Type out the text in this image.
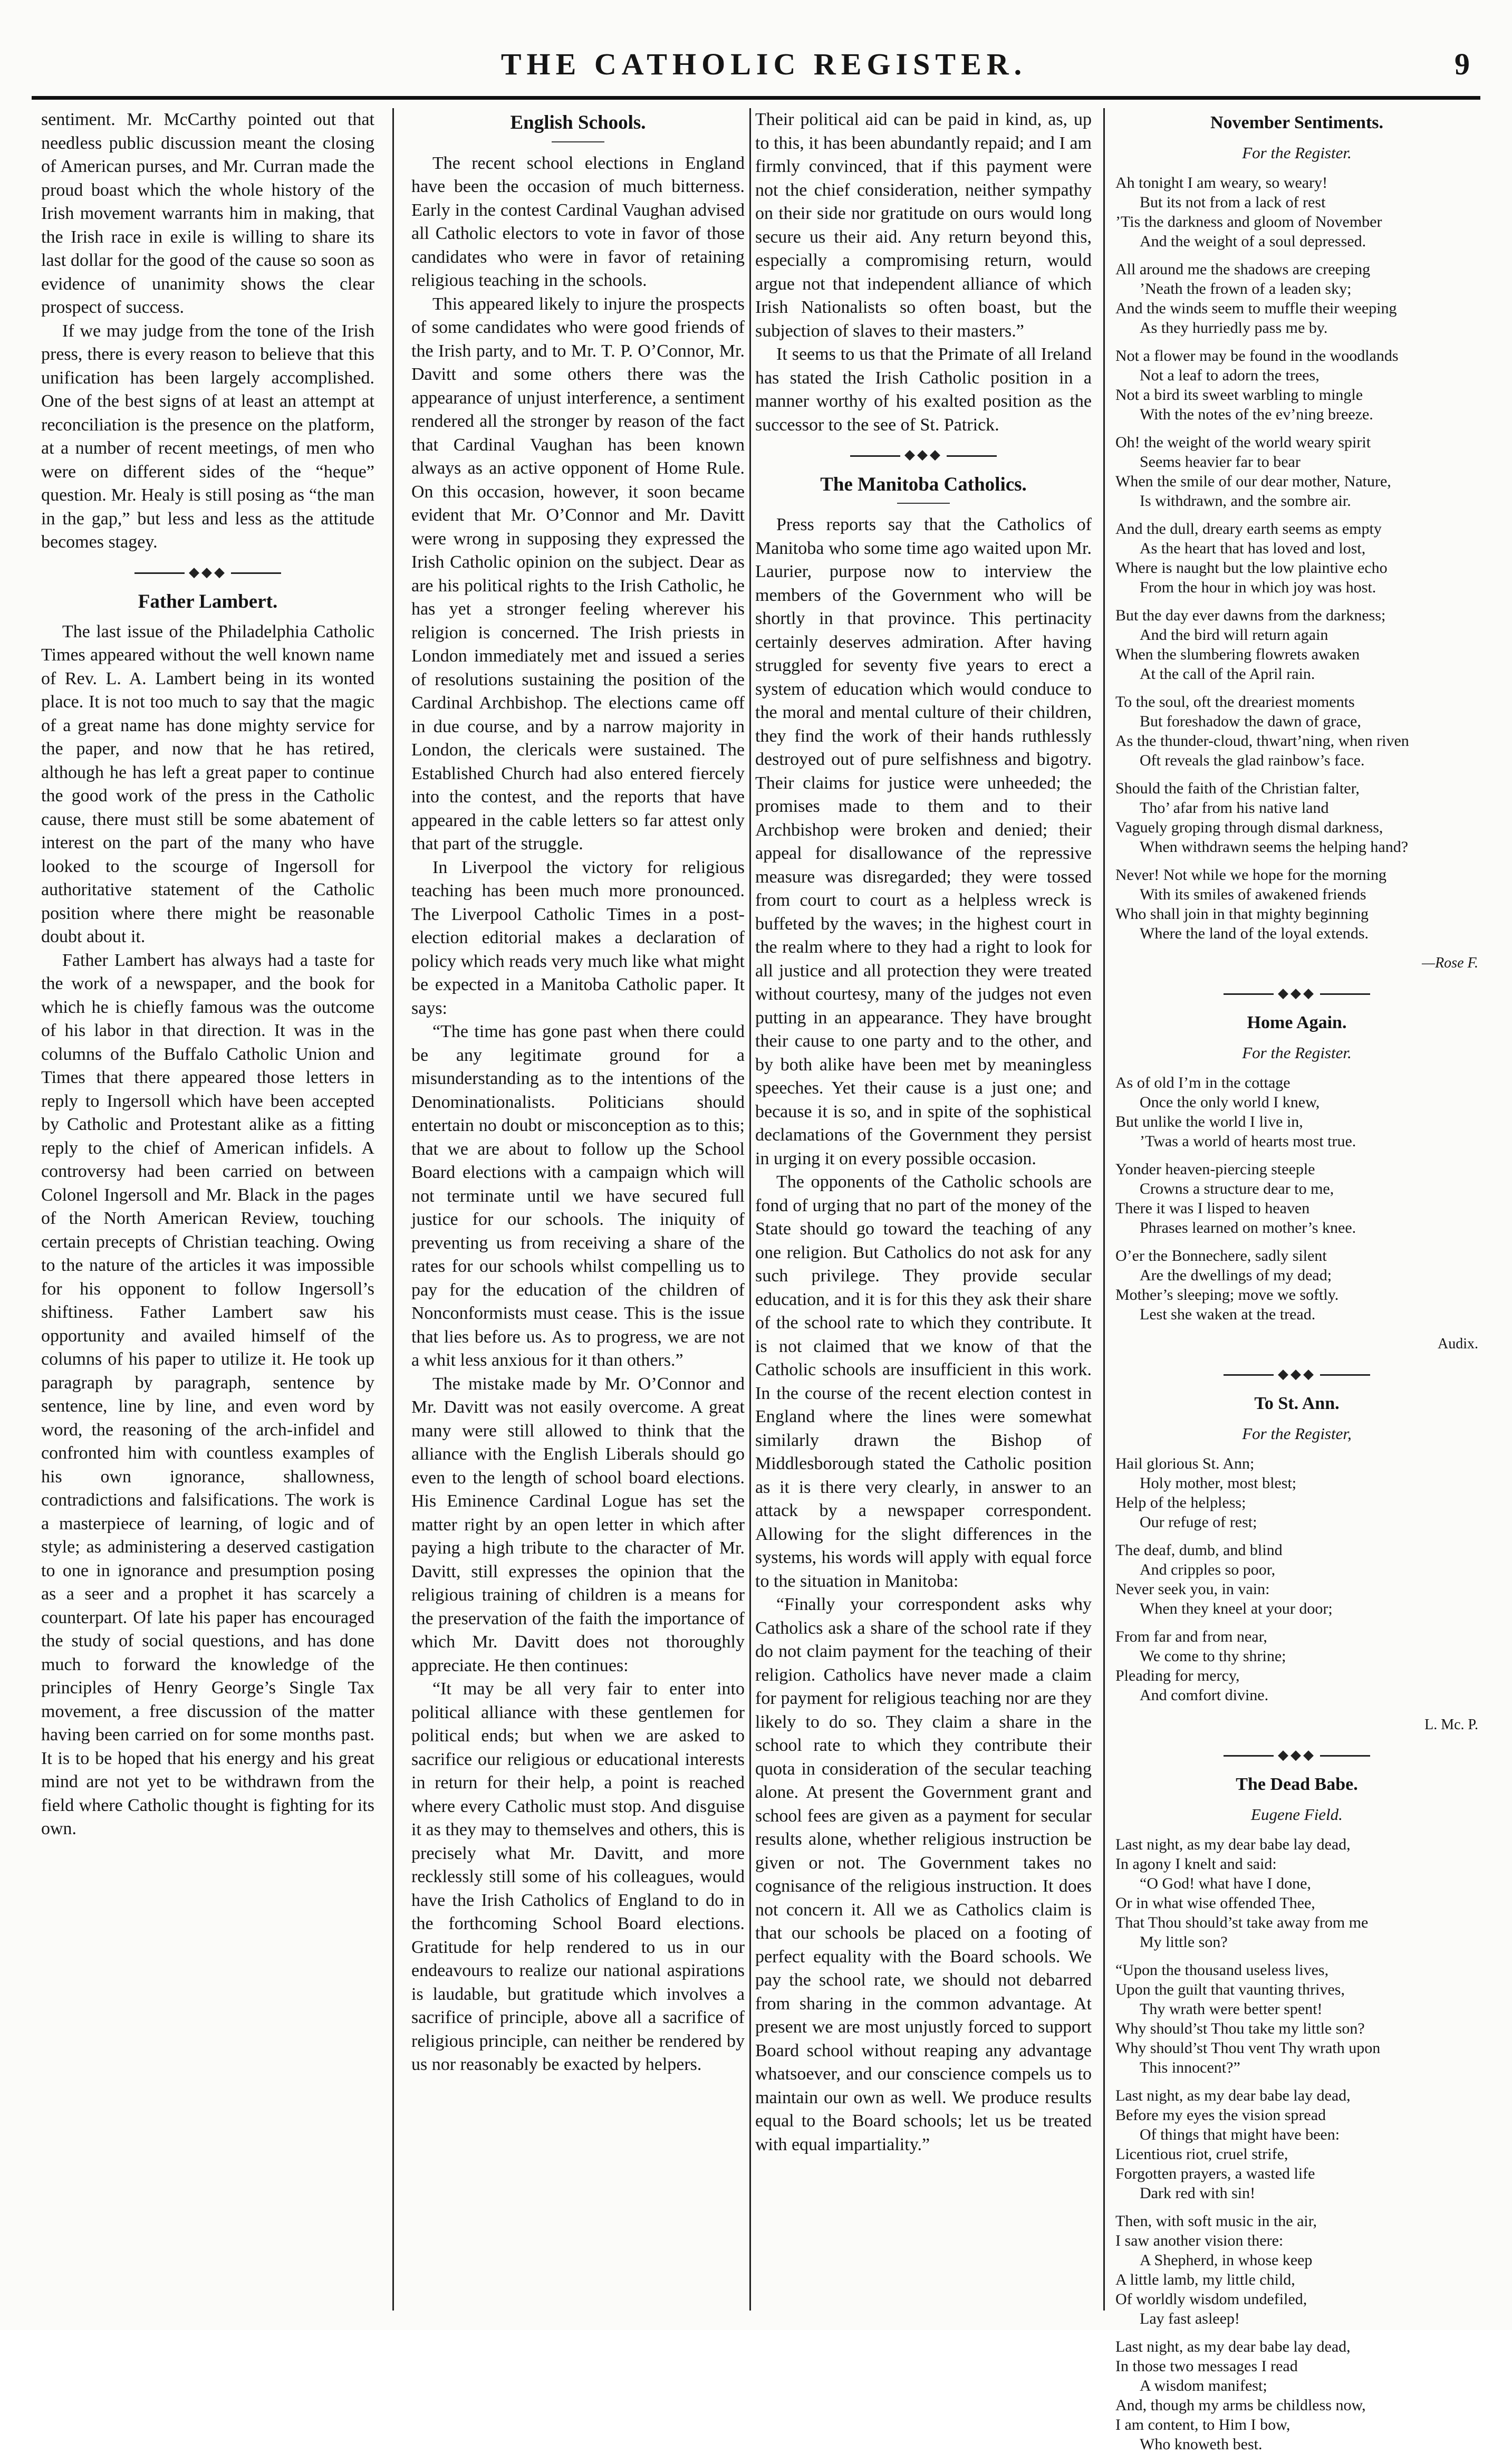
THE CATHOLIC REGISTER.	9

sentiment. Mr. McCarthy pointed out that needless public discussion meant the closing of American purses, and Mr. Curran made the proud boast which the whole history of the Irish movement warrants him in making, that the Irish race in exile is willing to share its last dollar for the good of the cause so soon as evidence of unanimity shows the clear prospect of success.

If we may judge from the tone of the Irish press, there is every reason to believe that this unification has been largely accomplished. One of the best signs of at least an attempt at reconciliation is the presence on the platform, at a number of recent meetings, of men who were on different sides of the “heque” question. Mr. Healy is still posing as “the man in the gap,” but less and less as the attitude becomes stagey.

◆◆◆
Father Lambert.

The last issue of the Philadelphia Catholic Times appeared without the well known name of Rev. L. A. Lambert being in its wonted place. It is not too much to say that the magic of a great name has done mighty service for the paper, and now that he has retired, although he has left a great paper to continue the good work of the press in the Catholic cause, there must still be some abatement of interest on the part of the many who have looked to the scourge of Ingersoll for authoritative statement of the Catholic position where there might be reasonable doubt about it.

Father Lambert has always had a taste for the work of a newspaper, and the book for which he is chiefly famous was the outcome of his labor in that direction. It was in the columns of the Buffalo Catholic Union and Times that there appeared those letters in reply to Ingersoll which have been accepted by Catholic and Protestant alike as a fitting reply to the chief of American infidels. A controversy had been carried on between Colonel Ingersoll and Mr. Black in the pages of the North American Review, touching certain precepts of Christian teaching. Owing to the nature of the articles it was impossible for his opponent to follow Ingersoll’s shiftiness. Father Lambert saw his opportunity and availed himself of the columns of his paper to utilize it. He took up paragraph by paragraph, sentence by sentence, line by line, and even word by word, the reasoning of the arch-infidel and confronted him with countless examples of his own ignorance, shallowness, contradictions and falsifications. The work is a masterpiece of learning, of logic and of style; as administering a deserved castigation to one in ignorance and presumption posing as a seer and a prophet it has scarcely a counterpart. Of late his paper has encouraged the study of social questions, and has done much to forward the knowledge of the principles of Henry George’s Single Tax movement, a free discussion of the matter having been carried on for some months past. It is to be hoped that his energy and his great mind are not yet to be withdrawn from the field where Catholic thought is fighting for its own.

English Schools.

The recent school elections in England have been the occasion of much bitterness. Early in the contest Cardinal Vaughan advised all Catholic electors to vote in favor of those candidates who were in favor of retaining religious teaching in the schools.

This appeared likely to injure the prospects of some candidates who were good friends of the Irish party, and to Mr. T. P. O’Connor, Mr. Davitt and some others there was the appearance of unjust interference, a sentiment rendered all the stronger by reason of the fact that Cardinal Vaughan has been known always as an active opponent of Home Rule. On this occasion, however, it soon became evident that Mr. O’Connor and Mr. Davitt were wrong in supposing they expressed the Irish Catholic opinion on the subject. Dear as are his political rights to the Irish Catholic, he has yet a stronger feeling wherever his religion is concerned. The Irish priests in London immediately met and issued a series of resolutions sustaining the position of the Cardinal Archbishop. The elections came off in due course, and by a narrow majority in London, the clericals were sustained. The Established Church had also entered fiercely into the contest, and the reports that have appeared in the cable letters so far attest only that part of the struggle.

In Liverpool the victory for religious teaching has been much more pronounced. The Liverpool Catholic Times in a post-election editorial makes a declaration of policy which reads very much like what might be expected in a Manitoba Catholic paper. It says:

“The time has gone past when there could be any legitimate ground for a misunderstanding as to the intentions of the Denominationalists. Politicians should entertain no doubt or misconception as to this; that we are about to follow up the School Board elections with a campaign which will not terminate until we have secured full justice for our schools. The iniquity of preventing us from receiving a share of the rates for our schools whilst compelling us to pay for the education of the children of Nonconformists must cease. This is the issue that lies before us. As to progress, we are not a whit less anxious for it than others.”

The mistake made by Mr. O’Connor and Mr. Davitt was not easily overcome. A great many were still allowed to think that the alliance with the English Liberals should go even to the length of school board elections. His Eminence Cardinal Logue has set the matter right by an open letter in which after paying a high tribute to the character of Mr. Davitt, still expresses the opinion that the religious training of children is a means for the preservation of the faith the importance of which Mr. Davitt does not thoroughly appreciate. He then continues:

“It may be all very fair to enter into political alliance with these gentlemen for political ends; but when we are asked to sacrifice our religious or educational interests in return for their help, a point is reached where every Catholic must stop. And disguise it as they may to themselves and others, this is precisely what Mr. Davitt, and more recklessly still some of his colleagues, would have the Irish Catholics of England to do in the forthcoming School Board elections. Gratitude for help rendered to us in our endeavours to realize our national aspirations is laudable, but gratitude which involves a sacrifice of principle, above all a sacrifice of religious principle, can neither be rendered by us nor reasonably be exacted by helpers.

Their political aid can be paid in kind, as, up to this, it has been abundantly repaid; and I am firmly convinced, that if this payment were not the chief consideration, neither sympathy on their side nor gratitude on ours would long secure us their aid. Any return beyond this, especially a compromising return, would argue not that independent alliance of which Irish Nationalists so often boast, but the subjection of slaves to their masters.”

It seems to us that the Primate of all Ireland has stated the Irish Catholic position in a manner worthy of his exalted position as the successor to the see of St. Patrick.

◆◆◆
The Manitoba Catholics.

Press reports say that the Catholics of Manitoba who some time ago waited upon Mr. Laurier, purpose now to interview the members of the Government who will be shortly in that province. This pertinacity certainly deserves admiration. After having struggled for seventy five years to erect a system of education which would conduce to the moral and mental culture of their children, they find the work of their hands ruthlessly destroyed out of pure selfishness and bigotry. Their claims for justice were unheeded; the promises made to them and to their Archbishop were broken and denied; their appeal for disallowance of the repressive measure was disregarded; they were tossed from court to court as a helpless wreck is buffeted by the waves; in the highest court in the realm where to they had a right to look for all justice and all protection they were treated without courtesy, many of the judges not even putting in an appearance. They have brought their cause to one party and to the other, and by both alike have been met by meaningless speeches. Yet their cause is a just one; and because it is so, and in spite of the sophistical declamations of the Government they persist in urging it on every possible occasion.

The opponents of the Catholic schools are fond of urging that no part of the money of the State should go toward the teaching of any one religion. But Catholics do not ask for any such privilege. They provide secular education, and it is for this they ask their share of the school rate to which they contribute. It is not claimed that we know of that the Catholic schools are insufficient in this work. In the course of the recent election contest in England where the lines were somewhat similarly drawn the Bishop of Middlesborough stated the Catholic position as it is there very clearly, in answer to an attack by a newspaper correspondent. Allowing for the slight differences in the systems, his words will apply with equal force to the situation in Manitoba:

“Finally your correspondent asks why Catholics ask a share of the school rate if they do not claim payment for the teaching of their religion. Catholics have never made a claim for payment for religious teaching nor are they likely to do so. They claim a share in the school rate to which they contribute their quota in consideration of the secular teaching alone. At present the Government grant and school fees are given as a payment for secular results alone, whether religious instruction be given or not. The Government takes no cognisance of the religious instruction. It does not concern it. All we as Catholics claim is that our schools be placed on a footing of perfect equality with the Board schools. We pay the school rate, we should not debarred from sharing in the common advantage. At present we are most unjustly forced to support Board school without reaping any advantage whatsoever, and our conscience compels us to maintain our own as well. We produce results equal to the Board schools; let us be treated with equal impartiality.”

November Sentiments.
For the Register.
Ah tonight I am weary, so weary!
But its not from a lack of rest
’Tis the darkness and gloom of November
And the weight of a soul depressed.
All around me the shadows are creeping
’Neath the frown of a leaden sky;
And the winds seem to muffle their weeping
As they hurriedly pass me by.
Not a flower may be found in the woodlands
Not a leaf to adorn the trees,
Not a bird its sweet warbling to mingle
With the notes of the ev’ning breeze.
Oh! the weight of the world weary spirit
Seems heavier far to bear
When the smile of our dear mother, Nature,
Is withdrawn, and the sombre air.
And the dull, dreary earth seems as empty
As the heart that has loved and lost,
Where is naught but the low plaintive echo
From the hour in which joy was host.
But the day ever dawns from the darkness;
And the bird will return again
When the slumbering flowrets awaken
At the call of the April rain.
To the soul, oft the dreariest moments
But foreshadow the dawn of grace,
As the thunder-cloud, thwart’ning, when riven
Oft reveals the glad rainbow’s face.
Should the faith of the Christian falter,
Tho’ afar from his native land
Vaguely groping through dismal darkness,
When withdrawn seems the helping hand?
Never! Not while we hope for the morning
With its smiles of awakened friends
Who shall join in that mighty beginning
Where the land of the loyal extends.
—Rose F.
◆◆◆
Home Again.
For the Register.
As of old I’m in the cottage
Once the only world I knew,
But unlike the world I live in,
’Twas a world of hearts most true.
Yonder heaven-piercing steeple
Crowns a structure dear to me,
There it was I lisped to heaven
Phrases learned on mother’s knee.
O’er the Bonnechere, sadly silent
Are the dwellings of my dead;
Mother’s sleeping; move we softly.
Lest she waken at the tread.
Audix.
◆◆◆
To St. Ann.
For the Register,
Hail glorious St. Ann;
Holy mother, most blest;
Help of the helpless;
Our refuge of rest;
The deaf, dumb, and blind
And cripples so poor,
Never seek you, in vain:
When they kneel at your door;
From far and from near,
We come to thy shrine;
Pleading for mercy,
And comfort divine.
L. Mc. P.
◆◆◆
The Dead Babe.
Eugene Field.
Last night, as my dear babe lay dead,
In agony I knelt and said:
“O God! what have I done,
Or in what wise offended Thee,
That Thou should’st take away from me
My little son?
“Upon the thousand useless lives,
Upon the guilt that vaunting thrives,
Thy wrath were better spent!
Why should’st Thou take my little son?
Why should’st Thou vent Thy wrath upon
This innocent?”
Last night, as my dear babe lay dead,
Before my eyes the vision spread
Of things that might have been:
Licentious riot, cruel strife,
Forgotten prayers, a wasted life
Dark red with sin!
Then, with soft music in the air,
I saw another vision there:
A Shepherd, in whose keep
A little lamb, my little child,
Of worldly wisdom undefiled,
Lay fast asleep!
Last night, as my dear babe lay dead,
In those two messages I read
A wisdom manifest;
And, though my arms be childless now,
I am content, to Him I bow,
Who knoweth best.
